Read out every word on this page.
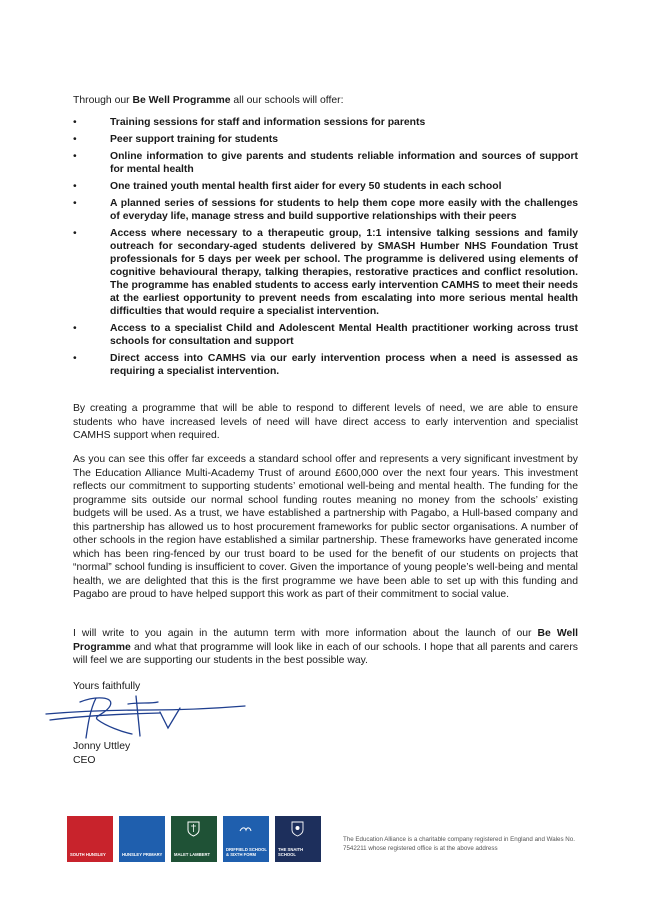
Through our Be Well Programme all our schools will offer:
•	Training sessions for staff and information sessions for parents
•	Peer support training for students
•	Online information to give parents and students reliable information and sources of support for mental health
•	One trained youth mental health first aider for every 50 students in each school
•	A planned series of sessions for students to help them cope more easily with the challenges of everyday life, manage stress and build supportive relationships with their peers
•	Access where necessary to a therapeutic group, 1:1 intensive talking sessions and family outreach for secondary-aged students delivered by SMASH Humber NHS Foundation Trust professionals for 5 days per week per school. The programme is delivered using elements of cognitive behavioural therapy, talking therapies, restorative practices and conflict resolution. The programme has enabled students to access early intervention CAMHS to meet their needs at the earliest opportunity to prevent needs from escalating into more serious mental health difficulties that would require a specialist intervention.
•	Access to a specialist Child and Adolescent Mental Health practitioner working across trust schools for consultation and support
•	Direct access into CAMHS via our early intervention process when a need is assessed as requiring a specialist intervention.

By creating a programme that will be able to respond to different levels of need, we are able to ensure students who have increased levels of need will have direct access to early intervention and specialist CAMHS support when required.

As you can see this offer far exceeds a standard school offer and represents a very significant investment by The Education Alliance Multi-Academy Trust of around £600,000 over the next four years. This investment reflects our commitment to supporting students’ emotional well-being and mental health. The funding for the programme sits outside our normal school funding routes meaning no money from the schools’ existing budgets will be used. As a trust, we have established a partnership with Pagabo, a Hull-based company and this partnership has allowed us to host procurement frameworks for public sector organisations. A number of other schools in the region have established a similar partnership. These frameworks have generated income which has been ring-fenced by our trust board to be used for the benefit of our students on projects that “normal” school funding is insufficient to cover. Given the importance of young people’s well-being and mental health, we are delighted that this is the first programme we have been able to set up with this funding and Pagabo are proud to have helped support this work as part of their commitment to social value.

I will write to you again in the autumn term with more information about the launch of our Be Well Programme and what that programme will look like in each of our schools. I hope that all parents and carers will feel we are supporting our students in the best possible way.

Yours faithfully
Jonny Uttley
CEO
SOUTH HUNSLEY	HUNSLEY PRIMARY	MALET LAMBERT
DRIFFIELD SCHOOL & SIXTH FORM
THE SNAITH SCHOOL
The Education Alliance is a charitable company registered in England and Wales No. 7542211 whose registered office is at the above address
